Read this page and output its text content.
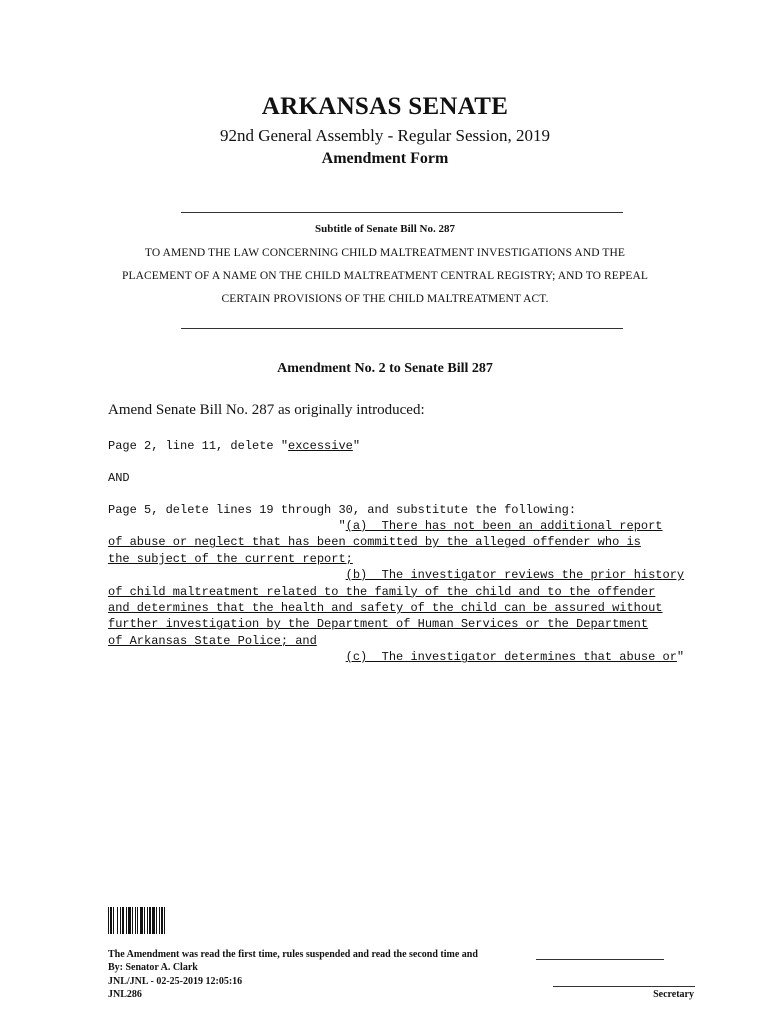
ARKANSAS SENATE
92nd General Assembly - Regular Session, 2019
Amendment Form
Subtitle of Senate Bill No. 287
TO AMEND THE LAW CONCERNING CHILD MALTREATMENT INVESTIGATIONS AND THE
PLACEMENT OF A NAME ON THE CHILD MALTREATMENT CENTRAL REGISTRY; AND TO REPEAL
CERTAIN PROVISIONS OF THE CHILD MALTREATMENT ACT.
Amendment No. 2 to Senate Bill 287
Amend Senate Bill No. 287 as originally introduced:
Page 2, line 11, delete "excessive"
AND
Page 5, delete lines 19 through 30, and substitute the following:
"(a)  There has not been an additional report
of abuse or neglect that has been committed by the alleged offender who is
the subject of the current report;
(b)  The investigator reviews the prior history
of child maltreatment related to the family of the child and to the offender
and determines that the health and safety of the child can be assured without
further investigation by the Department of Human Services or the Department
of Arkansas State Police; and
(c)  The investigator determines that abuse or"
The Amendment was read the first time, rules suspended and read the second time and
By: Senator A. Clark
JNL/JNL - 02-25-2019 12:05:16
JNL286	Secretary
